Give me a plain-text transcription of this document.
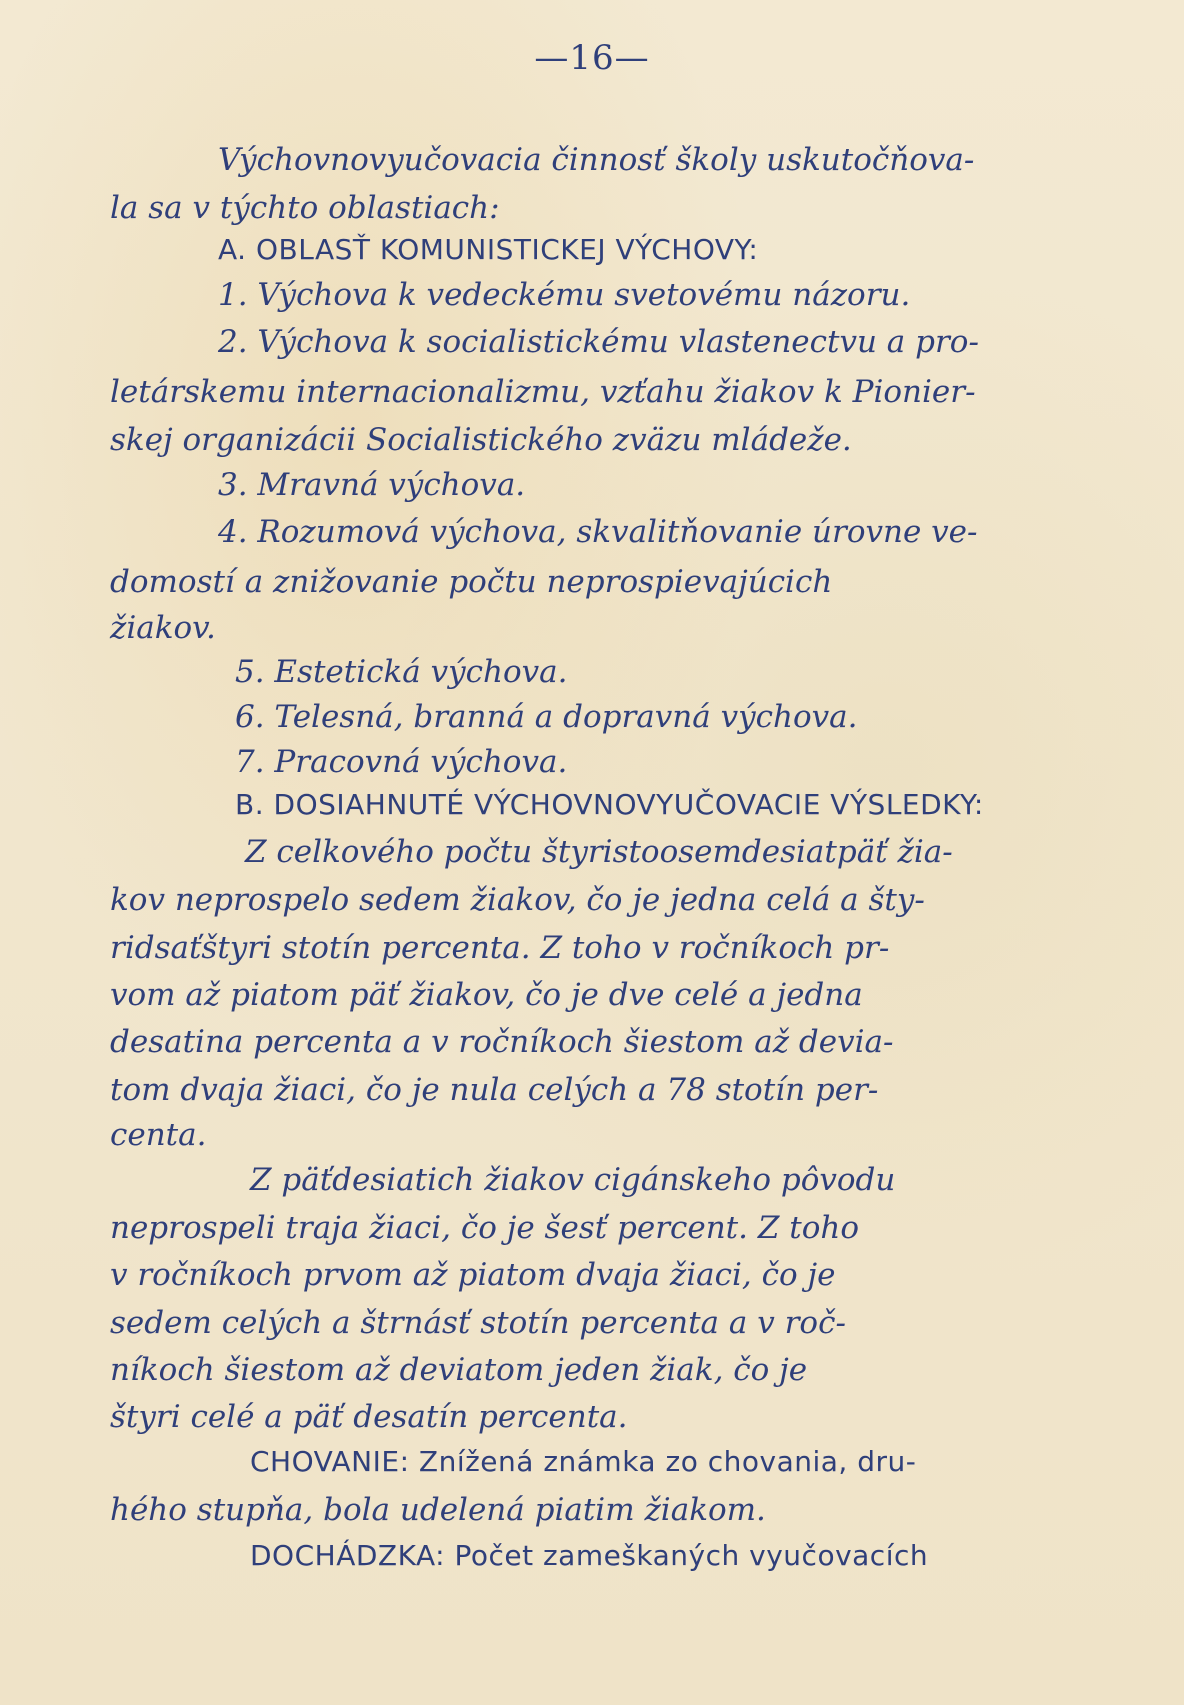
—16—
Výchovnovyučovacia činnosť školy uskutočňova-
la sa v týchto oblastiach:
A. OBLASŤ KOMUNISTICKEJ VÝCHOVY:
1. Výchova k vedeckému svetovému názoru.
2. Výchova k socialistickému vlastenectvu a pro-
letárskemu internacionalizmu, vzťahu žiakov k Pionier-
skej organizácii Socialistického zväzu mládeže.
3. Mravná výchova.
4. Rozumová výchova, skvalitňovanie úrovne ve-
domostí a znižovanie počtu neprospievajúcich
žiakov.
5. Estetická výchova.
6. Telesná, branná a dopravná výchova.
7. Pracovná výchova.
B. DOSIAHNUTÉ VÝCHOVNOVYUČOVACIE VÝSLEDKY:
Z celkového počtu štyristoosemdesiatpäť žia-
kov neprospelo sedem žiakov, čo je jedna celá a šty-
ridsaťštyri stotín percenta. Z toho v ročníkoch pr-
vom až piatom päť žiakov, čo je dve celé a jedna
desatina percenta a v ročníkoch šiestom až devia-
tom dvaja žiaci, čo je nula celých a 78 stotín per-
centa.
Z päťdesiatich žiakov cigánskeho pôvodu
neprospeli traja žiaci, čo je šesť percent. Z toho
v ročníkoch prvom až piatom dvaja žiaci, čo je
sedem celých a štrnásť stotín percenta a v roč-
níkoch šiestom až deviatom jeden žiak, čo je
štyri celé a päť desatín percenta.
CHOVANIE: Znížená známka zo chovania, dru-
hého stupňa, bola udelená piatim žiakom.
DOCHÁDZKA: Počet zameškaných vyučovacích
